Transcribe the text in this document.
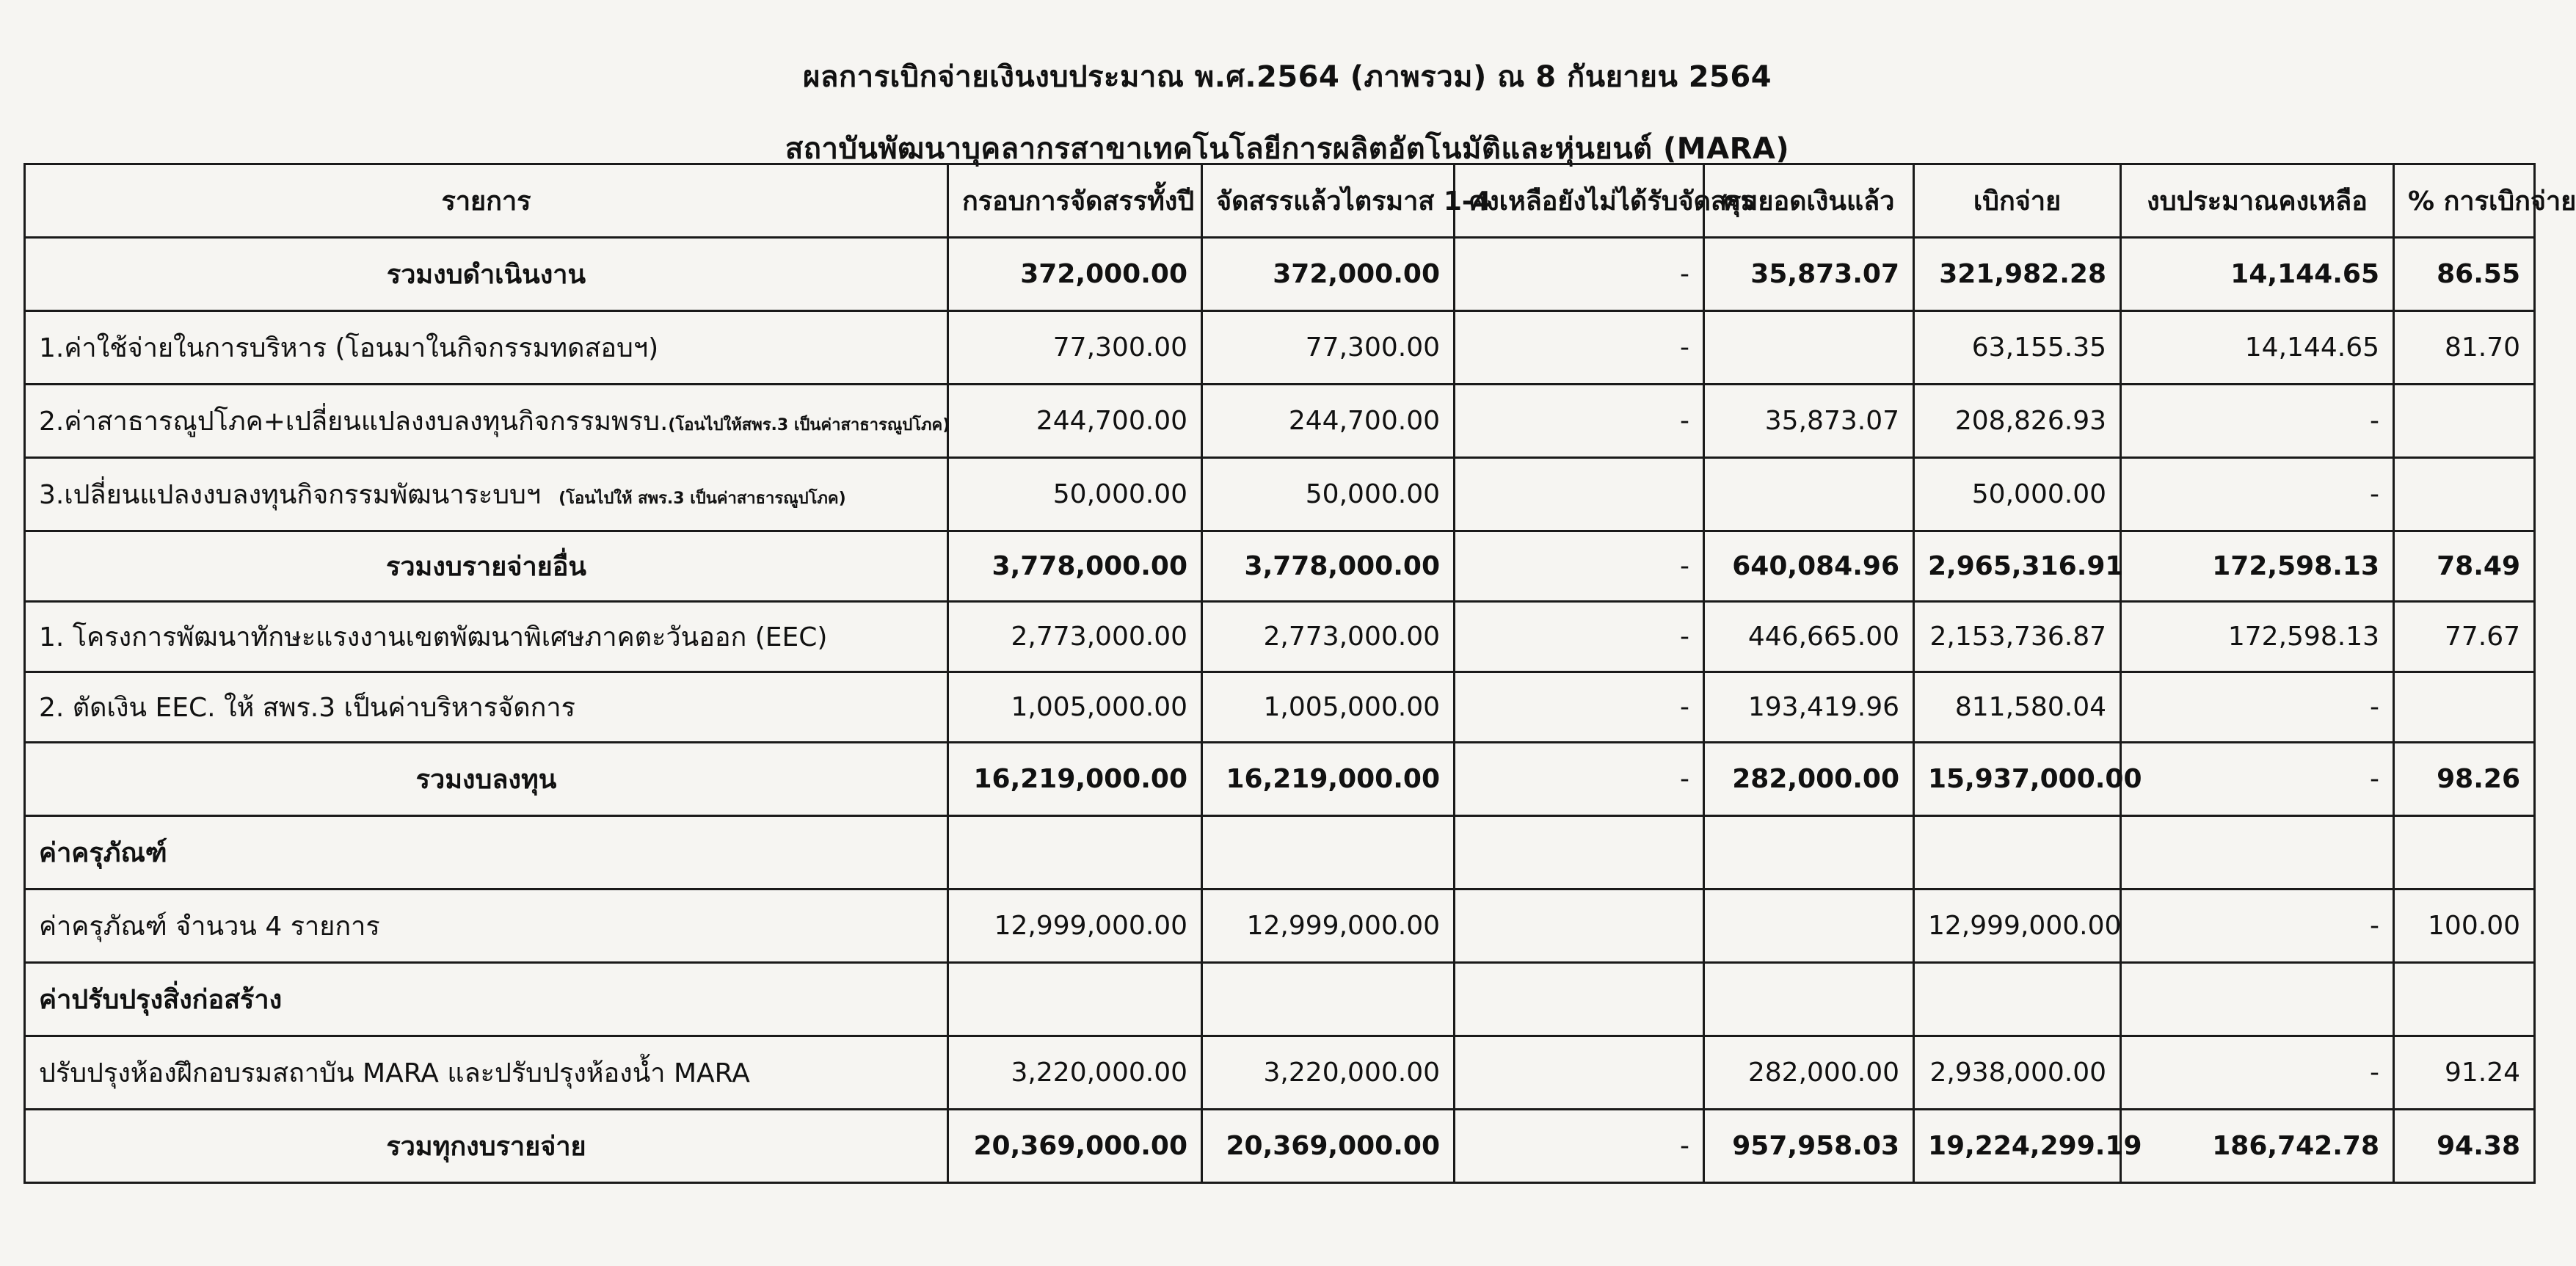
ผลการเบิกจ่ายเงินงบประมาณ พ.ศ.2564 (ภาพรวม) ณ 8 กันยายน 2564
สถาบันพัฒนาบุคลากรสาขาเทคโนโลยีการผลิตอัตโนมัติและหุ่นยนต์ (MARA)
รายการ	กรอบการจัดสรรทั้งปี	จัดสรรแล้วไตรมาส 1-4	คงเหลือยังไม่ได้รับจัดสรร	คุมยอดเงินแล้ว	เบิกจ่าย	งบประมาณคงเหลือ	% การเบิกจ่าย
รวมงบดำเนินงาน	372,000.00	372,000.00	-	35,873.07	321,982.28	14,144.65	86.55
1.ค่าใช้จ่ายในการบริหาร (โอนมาในกิจกรรมทดสอบฯ)	77,300.00	77,300.00	-		63,155.35	14,144.65	81.70
2.ค่าสาธารณูปโภค+เปลี่ยนแปลงงบลงทุนกิจกรรมพรบ.(โอนไปให้สพร.3 เป็นค่าสาธารณูปโภค)	244,700.00	244,700.00	-	35,873.07	208,826.93	-	
3.เปลี่ยนแปลงงบลงทุนกิจกรรมพัฒนาระบบฯ (โอนไปให้ สพร.3 เป็นค่าสาธารณูปโภค)	50,000.00	50,000.00			50,000.00	-	
รวมงบรายจ่ายอื่น	3,778,000.00	3,778,000.00	-	640,084.96	2,965,316.91	172,598.13	78.49
1. โครงการพัฒนาทักษะแรงงานเขตพัฒนาพิเศษภาคตะวันออก (EEC)	2,773,000.00	2,773,000.00	-	446,665.00	2,153,736.87	172,598.13	77.67
2. ตัดเงิน EEC. ให้ สพร.3 เป็นค่าบริหารจัดการ	1,005,000.00	1,005,000.00	-	193,419.96	811,580.04	-	
รวมงบลงทุน	16,219,000.00	16,219,000.00	-	282,000.00	15,937,000.00	-	98.26
ค่าครุภัณฑ์							
ค่าครุภัณฑ์ จำนวน 4 รายการ	12,999,000.00	12,999,000.00			12,999,000.00	-	100.00
ค่าปรับปรุงสิ่งก่อสร้าง							
ปรับปรุงห้องฝึกอบรมสถาบัน MARA และปรับปรุงห้องน้ำ MARA	3,220,000.00	3,220,000.00		282,000.00	2,938,000.00	-	91.24
รวมทุกงบรายจ่าย	20,369,000.00	20,369,000.00	-	957,958.03	19,224,299.19	186,742.78	94.38
